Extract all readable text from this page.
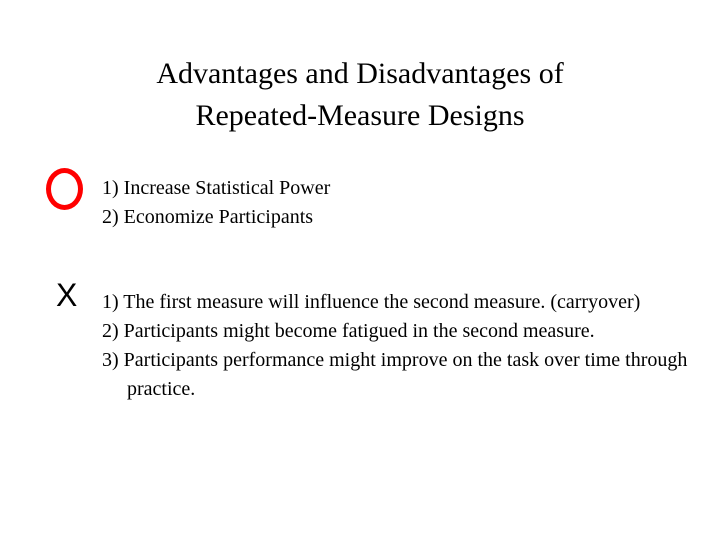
Advantages and Disadvantages of
Repeated-Measure Designs
1) Increase Statistical Power
2) Economize Participants
X 1) The first measure will influence the second measure. (carryover)
2) Participants might become fatigued in the second measure.
3) Participants performance might improve on the task over time through practice.
